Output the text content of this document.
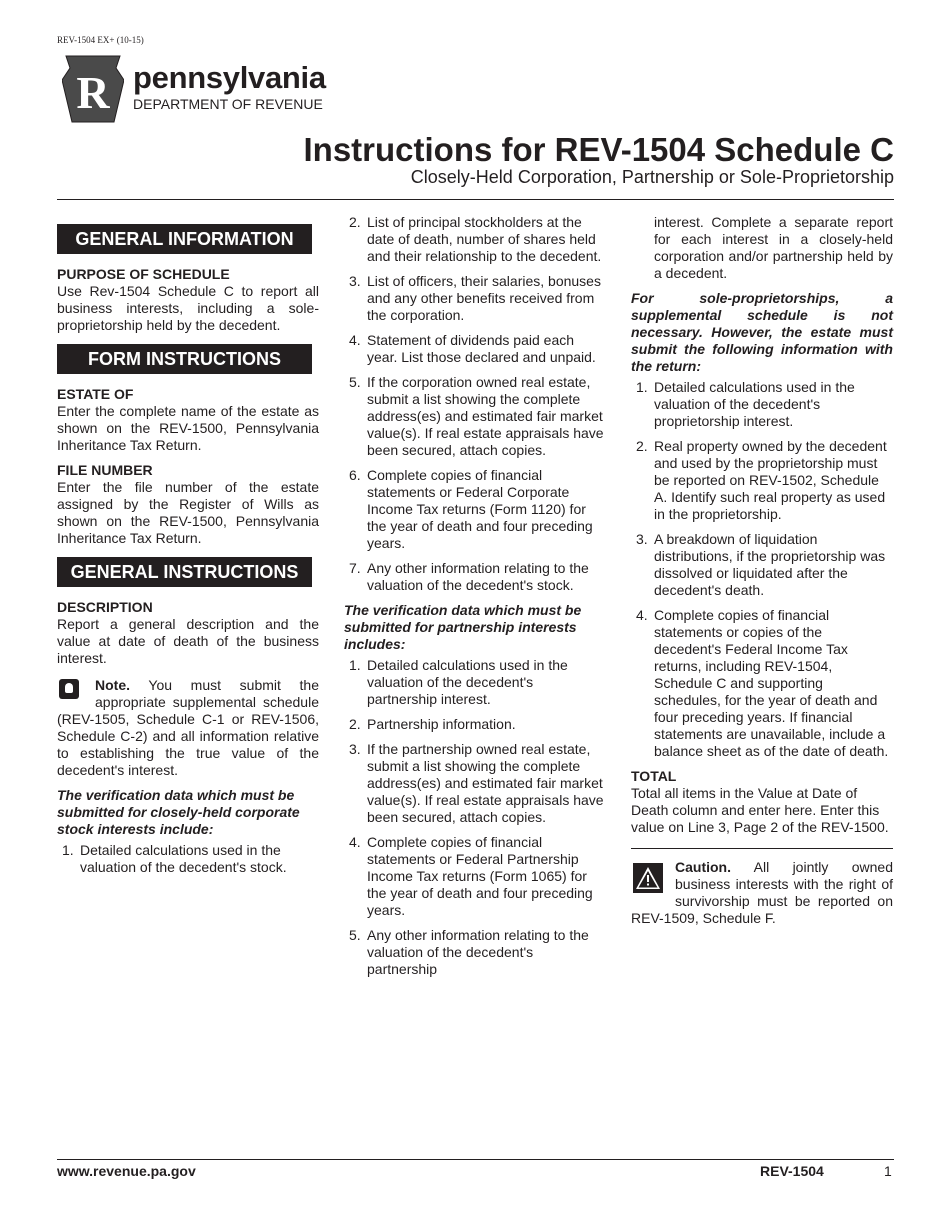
REV-1504 EX+ (10-15)
R pennsylvania
DEPARTMENT OF REVENUE
Instructions for REV-1504 Schedule C
Closely-Held Corporation, Partnership or Sole-Proprietorship
GENERAL INFORMATION
PURPOSE OF SCHEDULE

Use Rev-1504 Schedule C to report all business interests, including a sole-proprietorship held by the decedent.

FORM INSTRUCTIONS
ESTATE OF

Enter the complete name of the estate as shown on the REV-1500, Pennsylvania Inheritance Tax Return.

FILE NUMBER

Enter the file number of the estate assigned by the Register of Wills as shown on the REV-1500, Pennsylvania Inheritance Tax Return.

GENERAL INSTRUCTIONS
DESCRIPTION

Report a general description and the value at date of death of the business interest.

Note. You must submit the appropriate supplemental schedule (REV-1505, Schedule C-1 or REV-1506, Schedule C-2) and all information relative to establishing the true value of the decedent's interest.

The verification data which must be submitted for closely-held corporate stock interests include:

1. Detailed calculations used in the valuation of the decedent's stock.
2. List of principal stockholders at the date of death, number of shares held and their relationship to the decedent.
3. List of officers, their salaries, bonuses and any other benefits received from the corporation.
4. Statement of dividends paid each year. List those declared and unpaid.
5. If the corporation owned real estate, submit a list showing the complete address(es) and estimated fair market value(s). If real estate appraisals have been secured, attach copies.
6. Complete copies of financial statements or Federal Corporate Income Tax returns (Form 1120) for the year of death and four preceding years.
7. Any other information relating to the valuation of the decedent's stock.

The verification data which must be submitted for partnership interests includes:

1. Detailed calculations used in the valuation of the decedent's partnership interest.
2. Partnership information.
3. If the partnership owned real estate, submit a list showing the complete address(es) and estimated fair market value(s). If real estate appraisals have been secured, attach copies.
4. Complete copies of financial statements or Federal Partnership Income Tax returns (Form 1065) for the year of death and four preceding years.
5. Any other information relating to the valuation of the decedent's partnership

interest. Complete a separate report for each interest in a closely-held corporation and/or partnership held by a decedent.

For sole-proprietorships, a supplemental schedule is not necessary. However, the estate must submit the following information with the return:

1. Detailed calculations used in the valuation of the decedent's proprietorship interest.
2. Real property owned by the decedent and used by the proprietorship must be reported on REV-1502, Schedule A. Identify such real property as used in the proprietorship.
3. A breakdown of liquidation distributions, if the proprietorship was dissolved or liquidated after the decedent's death.
4. Complete copies of financial statements or copies of the decedent's Federal Income Tax returns, including REV-1504, Schedule C and supporting schedules, for the year of death and four preceding years. If financial statements are unavailable, include a balance sheet as of the date of death.
TOTAL

Total all items in the Value at Date of Death column and enter here. Enter this value on Line 3, Page 2 of the REV-1500.

Caution. All jointly owned business interests with the right of survivorship must be reported on REV-1509, Schedule F.
www.revenue.pa.gov	REV-1504	1
